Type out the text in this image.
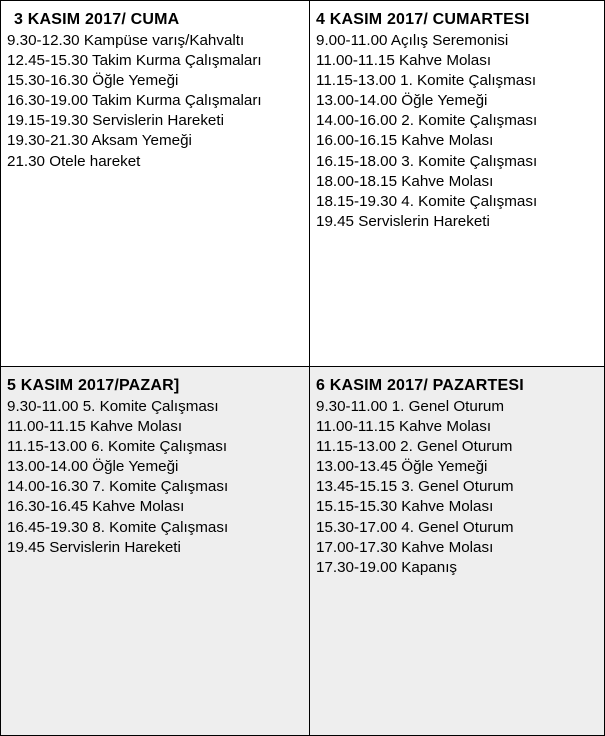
3 KASIM 2017/ CUMA
9.30-12.30 Kampüse varış/Kahvaltı
12.45-15.30 Takim Kurma Çalışmaları
15.30-16.30 Öğle Yemeği
16.30-19.00 Takim Kurma Çalışmaları
19.15-19.30 Servislerin Hareketi
19.30-21.30 Aksam Yemeği
21.30 Otele hareket
4 KASIM 2017/ CUMARTESI
9.00-11.00 Açılış Seremonisi
11.00-11.15 Kahve Molası
11.15-13.00 1. Komite Çalışması
13.00-14.00 Öğle Yemeği
14.00-16.00 2. Komite Çalışması
16.00-16.15 Kahve Molası
16.15-18.00 3. Komite Çalışması
18.00-18.15 Kahve Molası
18.15-19.30 4. Komite Çalışması
19.45 Servislerin Hareketi
5 KASIM 2017/PAZAR]
9.30-11.00 5. Komite Çalışması
11.00-11.15 Kahve Molası
11.15-13.00 6. Komite Çalışması
13.00-14.00 Öğle Yemeği
14.00-16.30 7. Komite Çalışması
16.30-16.45 Kahve Molası
16.45-19.30 8. Komite Çalışması
19.45 Servislerin Hareketi
6 KASIM 2017/ PAZARTESI
9.30-11.00 1. Genel Oturum
11.00-11.15 Kahve Molası
11.15-13.00 2. Genel Oturum
13.00-13.45 Öğle Yemeği
13.45-15.15 3. Genel Oturum
15.15-15.30 Kahve Molası
15.30-17.00 4. Genel Oturum
17.00-17.30 Kahve Molası
17.30-19.00 Kapanış
